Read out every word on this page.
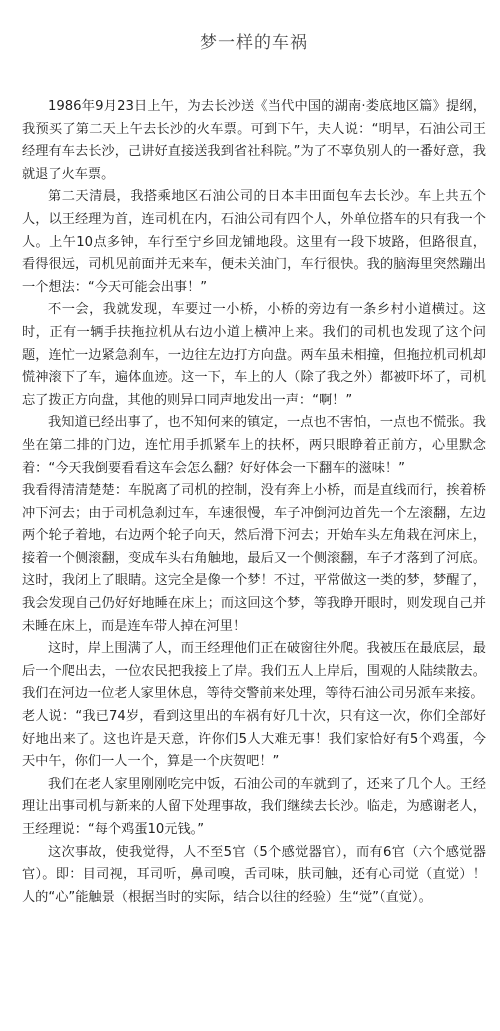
梦一样的车祸

1986年9月23日上午，为去长沙送《当代中国的湖南·娄底地区篇》提纲，我预买了第二天上午去长沙的火车票。可到下午，夫人说：“明早，石油公司王经理有车去长沙，己讲好直接送我到省社科院。”为了不辜负别人的一番好意，我就退了火车票。

第二天清晨，我搭乘地区石油公司的日本丰田面包车去长沙。车上共五个人，以王经理为首，连司机在内，石油公司有四个人，外单位搭车的只有我一个人。上午10点多钟，车行至宁乡回龙铺地段。这里有一段下坡路，但路很直，看得很远，司机见前面并无来车，便未关油门，车行很快。我的脑海里突然蹦出一个想法：“今天可能会出事！”

不一会，我就发现，车要过一小桥，小桥的旁边有一条乡村小道横过。这时，正有一辆手扶拖拉机从右边小道上横冲上来。我们的司机也发现了这个问题，连忙一边紧急刹车，一边往左边打方向盘。两车虽未相撞，但拖拉机司机却慌神滚下了车，遍体血迹。这一下，车上的人（除了我之外）都被吓坏了，司机忘了拨正方向盘，其他的则异口同声地发出一声：“啊！”

我知道已经出事了，也不知何来的镇定，一点也不害怕，一点也不慌张。我坐在第二排的门边，连忙用手抓紧车上的扶杯，两只眼睁着正前方，心里默念着：“今天我倒要看看这车会怎么翻？好好体会一下翻车的滋味！”

我看得清清楚楚：车脱离了司机的控制，没有奔上小桥，而是直线而行，挨着桥冲下河去；由于司机急刹过车，车速很慢，车子冲倒河边首先一个左滚翻，左边两个轮子着地，右边两个轮子向天，然后滑下河去；开始车头左角栽在河床上，接着一个侧滚翻，变成车头右角触地，最后又一个侧滚翻，车子才落到了河底。这时，我闭上了眼睛。这完全是像一个梦！不过，平常做这一类的梦，梦醒了，我会发现自己仍好好地睡在床上；而这回这个梦，等我睁开眼时，则发现自己并未睡在床上，而是连车带人掉在河里！

这时，岸上围满了人，而王经理他们正在破窗往外爬。我被压在最底层，最后一个爬出去，一位农民把我接上了岸。我们五人上岸后，围观的人陆续散去。我们在河边一位老人家里休息，等待交警前来处理，等待石油公司另派车来接。

老人说：“我已74岁，看到这里出的车祸有好几十次，只有这一次，你们全部好好地出来了。这也许是天意，许你们5人大难无事！我们家恰好有5个鸡蛋，今天中午，你们一人一个，算是一个庆贺吧！”

我们在老人家里刚刚吃完中饭，石油公司的车就到了，还来了几个人。王经理让出事司机与新来的人留下处理事故，我们继续去长沙。临走，为感谢老人，王经理说：“每个鸡蛋10元钱。”

这次事故，使我觉得，人不至5官（5个感觉器官），而有6官（六个感觉器官）。即：目司视，耳司听，鼻司嗅，舌司味，肤司触，还有心司觉（直觉）！人的“心”能触景（根据当时的实际，结合以往的经验）生“觉”（直觉）。
